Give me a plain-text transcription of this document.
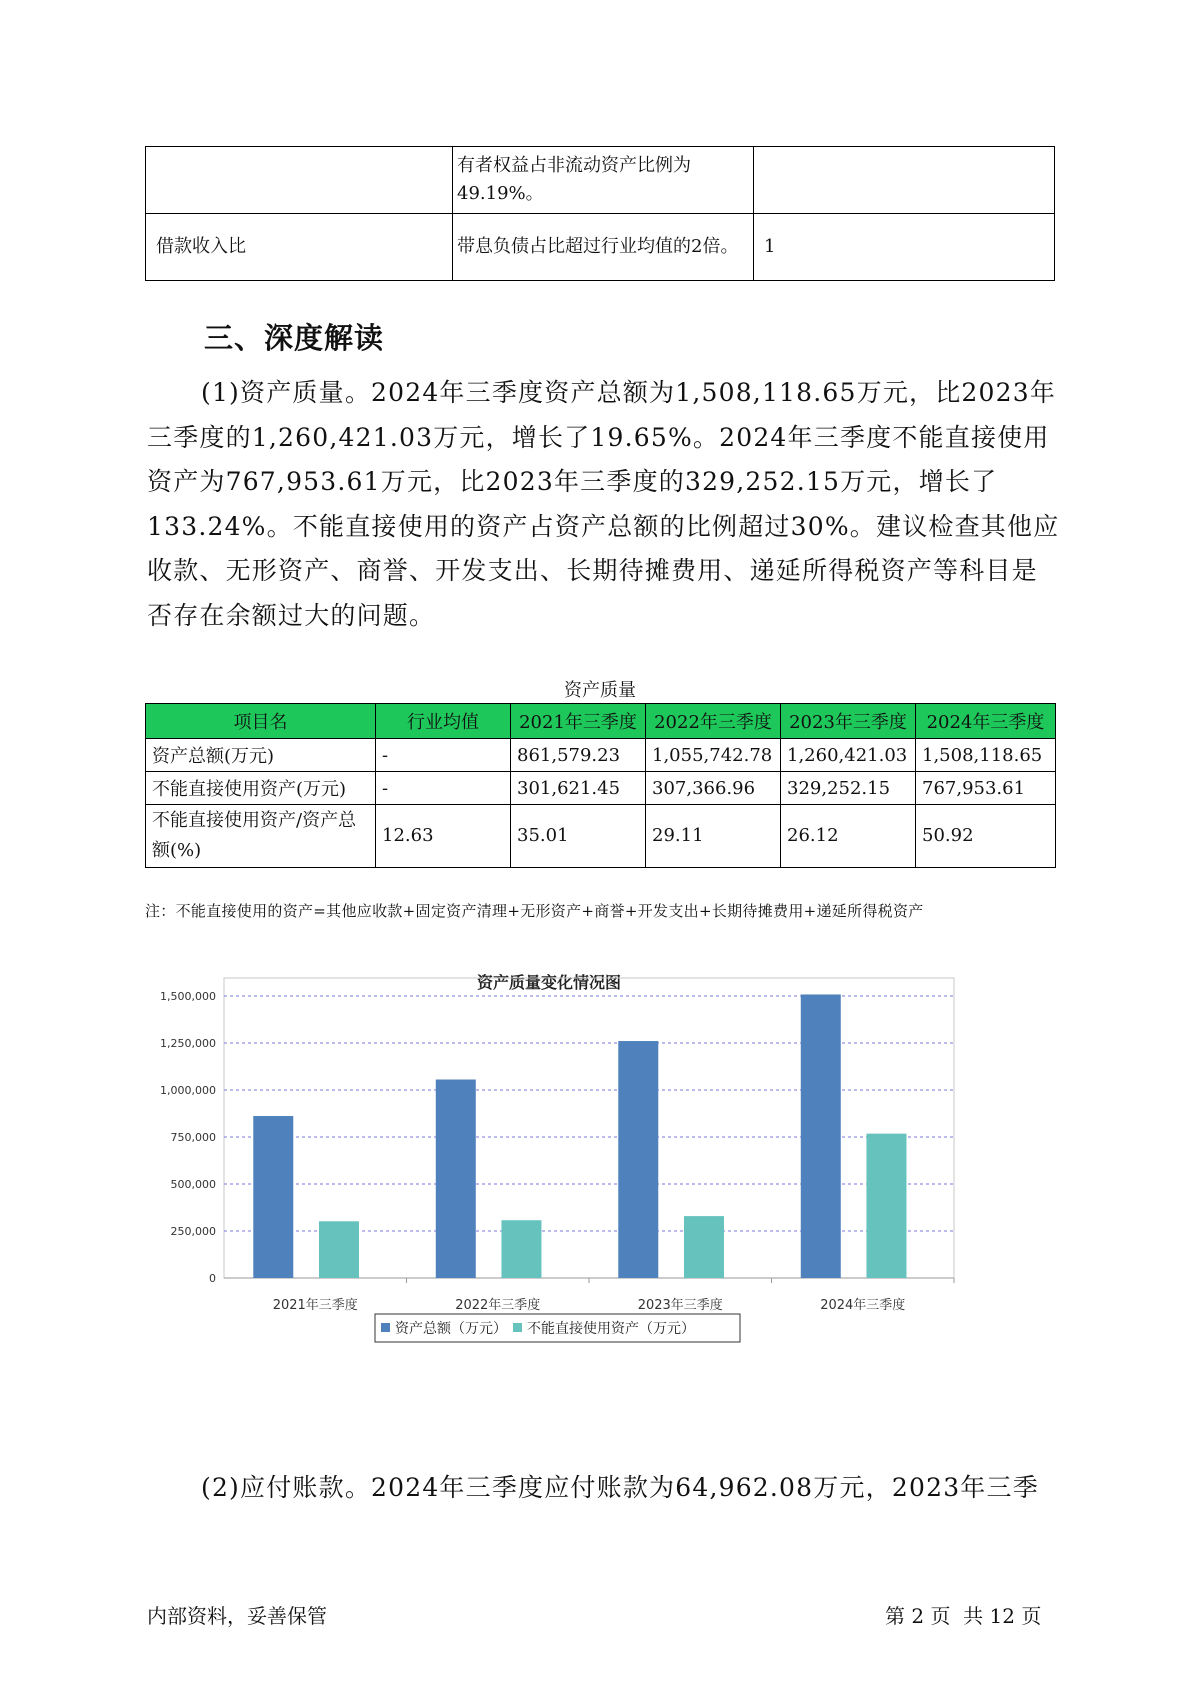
	有者权益占非流动资产比例为49.19%。	
借款收入比	带息负债占比超过行业均值的2倍。	1
三、深度解读
(1)资产质量。2024年三季度资产总额为1,508,118.65万元，比2023年三季度的1,260,421.03万元，增长了19.65%。2024年三季度不能直接使用资产为767,953.61万元，比2023年三季度的329,252.15万元，增长了133.24%。不能直接使用的资产占资产总额的比例超过30%。建议检查其他应收款、无形资产、商誉、开发支出、长期待摊费用、递延所得税资产等科目是否存在余额过大的问题。
资产质量
项目名	行业均值	2021年三季度	2022年三季度	2023年三季度	2024年三季度
资产总额(万元)	-	861,579.23	1,055,742.78	1,260,421.03	1,508,118.65
不能直接使用资产(万元)	-	301,621.45	307,366.96	329,252.15	767,953.61
不能直接使用资产/资产总额(%)	12.63	35.01	29.11	26.12	50.92
注：不能直接使用的资产=其他应收款+固定资产清理+无形资产+商誉+开发支出+长期待摊费用+递延所得税资产
资产质量变化情况图
0
250,000
500,000
750,000
1,000,000
1,250,000
1,500,000
2021年三季度	2022年三季度	2023年三季度	2024年三季度
资产总额（万元） 不能直接使用资产（万元）
(2)应付账款。2024年三季度应付账款为64,962.08万元，2023年三季
内部资料，妥善保管	第 2 页  共 12 页
